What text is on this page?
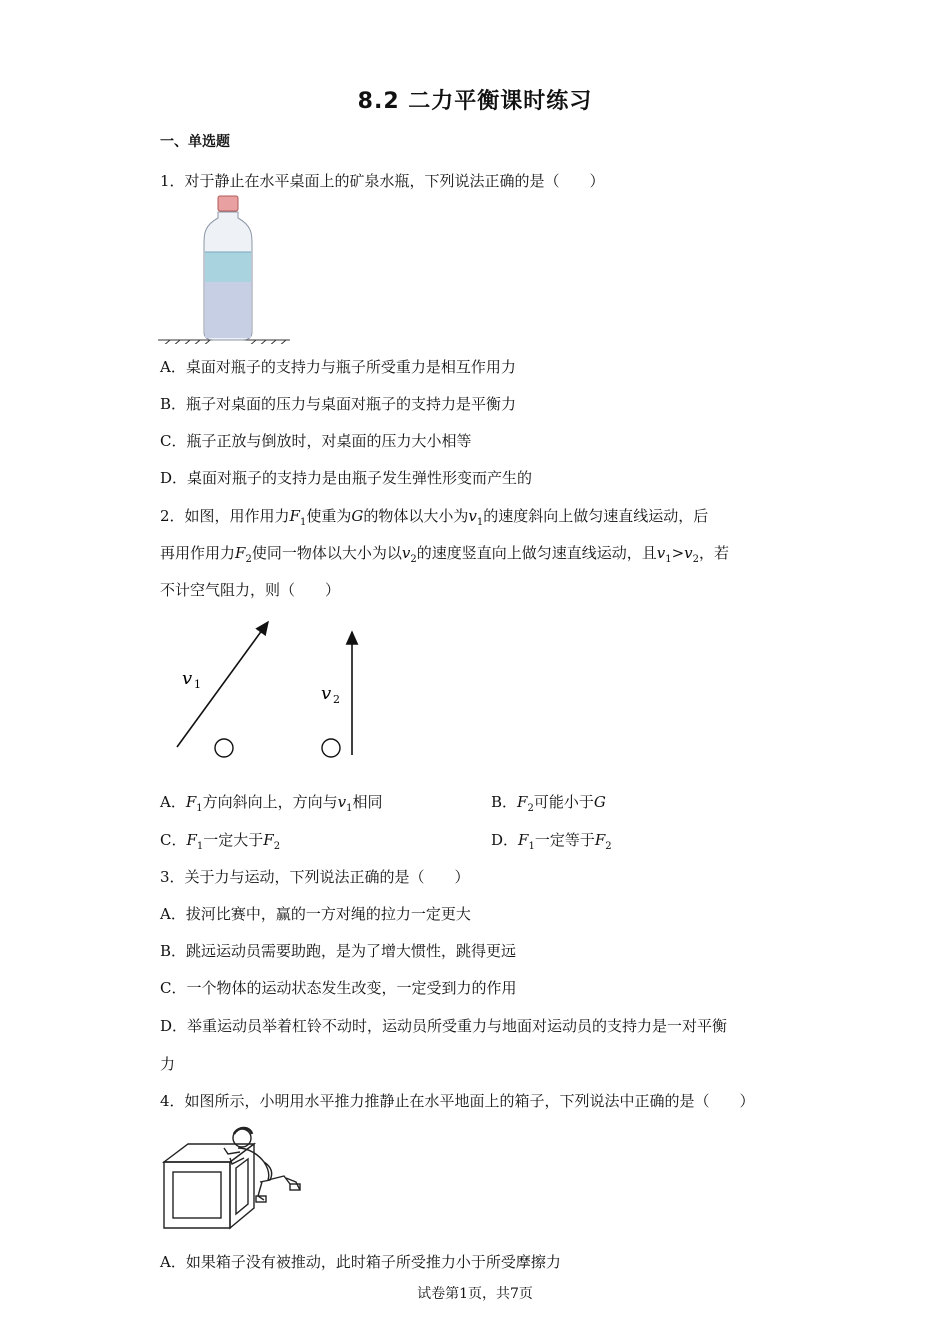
8.2 二力平衡课时练习
一、单选题
1．对于静止在水平桌面上的矿泉水瓶，下列说法正确的是（　　）
A．桌面对瓶子的支持力与瓶子所受重力是相互作用力
B．瓶子对桌面的压力与桌面对瓶子的支持力是平衡力
C．瓶子正放与倒放时，对桌面的压力大小相等
D．桌面对瓶子的支持力是由瓶子发生弹性形变而产生的
2．如图，用作用力$F_1$使重为G的物体以大小为$v_1$的速度斜向上做匀速直线运动，后
再用作用力$F_2$使同一物体以大小为以$v_2$的速度竖直向上做匀速直线运动，且$v_1>v_2$，若
不计空气阻力，则（　　）
v 1	v 2
A．$F_1$方向斜向上，方向与$v_1$相同	B．$F_2$可能小于G
C．$F_1$一定大于$F_2$	D．$F_1$一定等于$F_2$
3．关于力与运动，下列说法正确的是（　　）
A．拔河比赛中，赢的一方对绳的拉力一定更大
B．跳远运动员需要助跑，是为了增大惯性，跳得更远
C．一个物体的运动状态发生改变，一定受到力的作用
D．举重运动员举着杠铃不动时，运动员所受重力与地面对运动员的支持力是一对平衡
力
4．如图所示，小明用水平推力推静止在水平地面上的箱子，下列说法中正确的是（　　）
A．如果箱子没有被推动，此时箱子所受推力小于所受摩擦力
试卷第1页，共7页
